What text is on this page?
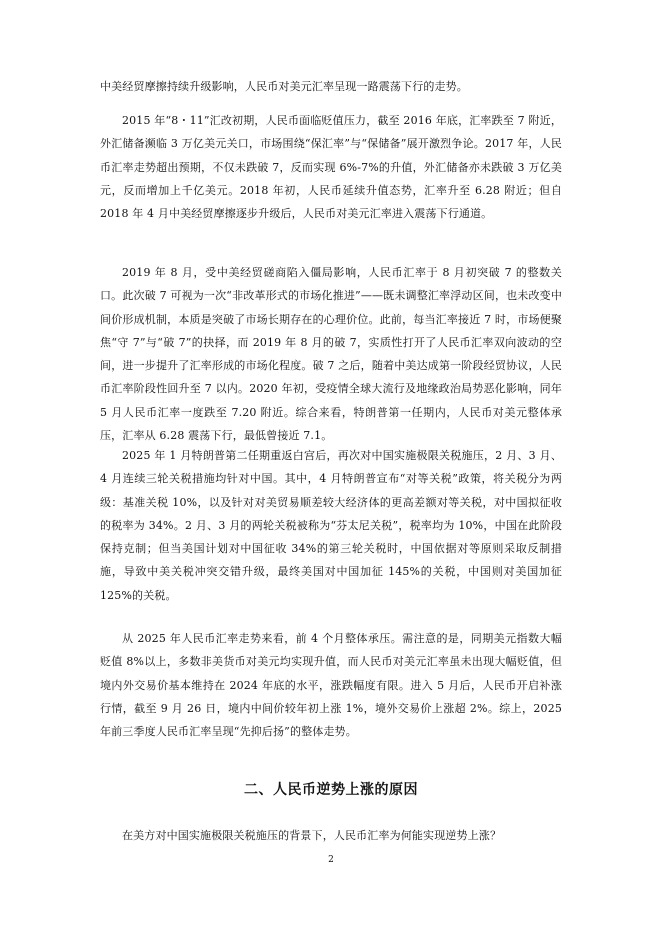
中美经贸摩擦持续升级影响，人民币对美元汇率呈现一路震荡下行的走势。

2015 年“8・11”汇改初期，人民币面临贬值压力，截至 2016 年底，汇率跌至 7 附近，外汇储备濒临 3 万亿美元关口，市场围绕“保汇率”与“保储备”展开激烈争论。2017 年，人民币汇率走势超出预期，不仅未跌破 7，反而实现 6%-7%的升值，外汇储备亦未跌破 3 万亿美元，反而增加上千亿美元。2018 年初，人民币延续升值态势，汇率升至 6.28 附近；但自 2018 年 4 月中美经贸摩擦逐步升级后，人民币对美元汇率进入震荡下行通道。

2019 年 8 月，受中美经贸磋商陷入僵局影响，人民币汇率于 8 月初突破 7 的整数关口。此次破 7 可视为一次“非改革形式的市场化推进”——既未调整汇率浮动区间，也未改变中间价形成机制，本质是突破了市场长期存在的心理价位。此前，每当汇率接近 7 时，市场便聚焦“守 7”与“破 7”的抉择，而 2019 年 8 月的破 7，实质性打开了人民币汇率双向波动的空间，进一步提升了汇率形成的市场化程度。破 7 之后，随着中美达成第一阶段经贸协议，人民币汇率阶段性回升至 7 以内。2020 年初，受疫情全球大流行及地缘政治局势恶化影响，同年 5 月人民币汇率一度跌至 7.20 附近。综合来看，特朗普第一任期内，人民币对美元整体承压，汇率从 6.28 震荡下行，最低曾接近 7.1。

2025 年 1 月特朗普第二任期重返白宫后，再次对中国实施极限关税施压，2 月、3 月、4 月连续三轮关税措施均针对中国。其中，4 月特朗普宣布“对等关税”政策，将关税分为两级：基准关税 10%，以及针对对美贸易顺差较大经济体的更高差额对等关税，对中国拟征收的税率为 34%。2 月、3 月的两轮关税被称为“芬太尼关税”，税率均为 10%，中国在此阶段保持克制；但当美国计划对中国征收 34%的第三轮关税时，中国依据对等原则采取反制措施，导致中美关税冲突交错升级，最终美国对中国加征 145%的关税，中国则对美国加征 125%的关税。

从 2025 年人民币汇率走势来看，前 4 个月整体承压。需注意的是，同期美元指数大幅贬值 8%以上，多数非美货币对美元均实现升值，而人民币对美元汇率虽未出现大幅贬值，但境内外交易价基本维持在 2024 年底的水平，涨跌幅度有限。进入 5 月后，人民币开启补涨行情，截至 9 月 26 日，境内中间价较年初上涨 1%，境外交易价上涨超 2%。综上，2025 年前三季度人民币汇率呈现“先抑后扬”的整体走势。

二、人民币逆势上涨的原因

在美方对中国实施极限关税施压的背景下，人民币汇率为何能实现逆势上涨？

2
